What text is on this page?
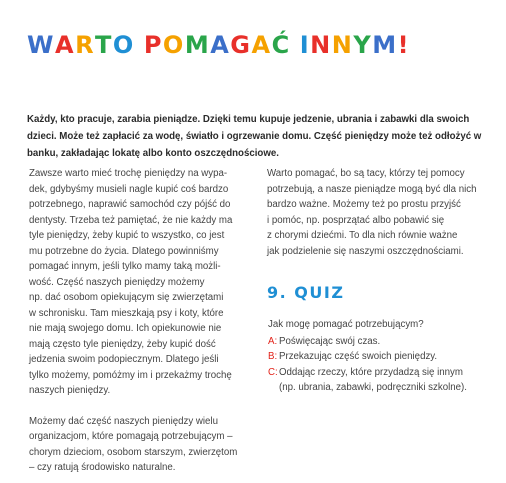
WARTO POMAGAĆ INNYM!

Każdy, kto pracuje, zarabia pieniądze. Dzięki temu kupuje jedzenie, ubrania i zabawki dla swoich dzieci. Może też zapłacić za wodę, światło i ogrzewanie domu. Część pieniędzy może też odłożyć w banku, zakładając lokatę albo konto oszczędnościowe.

Zawsze warto mieć trochę pieniędzy na wypa-
dek, gdybyśmy musieli nagle kupić coś bardzo
potrzebnego, naprawić samochód czy pójść do
dentysty. Trzeba też pamiętać, że nie każdy ma
tyle pieniędzy, żeby kupić to wszystko, co jest
mu potrzebne do życia. Dlatego powinniśmy
pomagać innym, jeśli tylko mamy taką możli-
wość. Część naszych pieniędzy możemy
np. dać osobom opiekującym się zwierzętami
w schronisku. Tam mieszkają psy i koty, które
nie mają swojego domu. Ich opiekunowie nie
mają często tyle pieniędzy, żeby kupić dość
jedzenia swoim podopiecznym. Dlatego jeśli
tylko możemy, pomóżmy im i przekażmy trochę
naszych pieniędzy.

Możemy dać część naszych pieniędzy wielu
organizacjom, które pomagają potrzebującym –
chorym dzieciom, osobom starszym, zwierzętom
– czy ratują środowisko naturalne.

Warto pomagać, bo są tacy, którzy tej pomocy
potrzebują, a nasze pieniądze mogą być dla nich
bardzo ważne. Możemy też po prostu przyjść
i pomóc, np. posprzątać albo pobawić się
z chorymi dziećmi. To dla nich równie ważne
jak podzielenie się naszymi oszczędnościami.

9. QUIZ

Jak mogę pomagać potrzebującym?

A: Poświęcając swój czas.
B: Przekazując część swoich pieniędzy.
C: Oddając rzeczy, które przydadzą się innym
(np. ubrania, zabawki, podręczniki szkolne).
